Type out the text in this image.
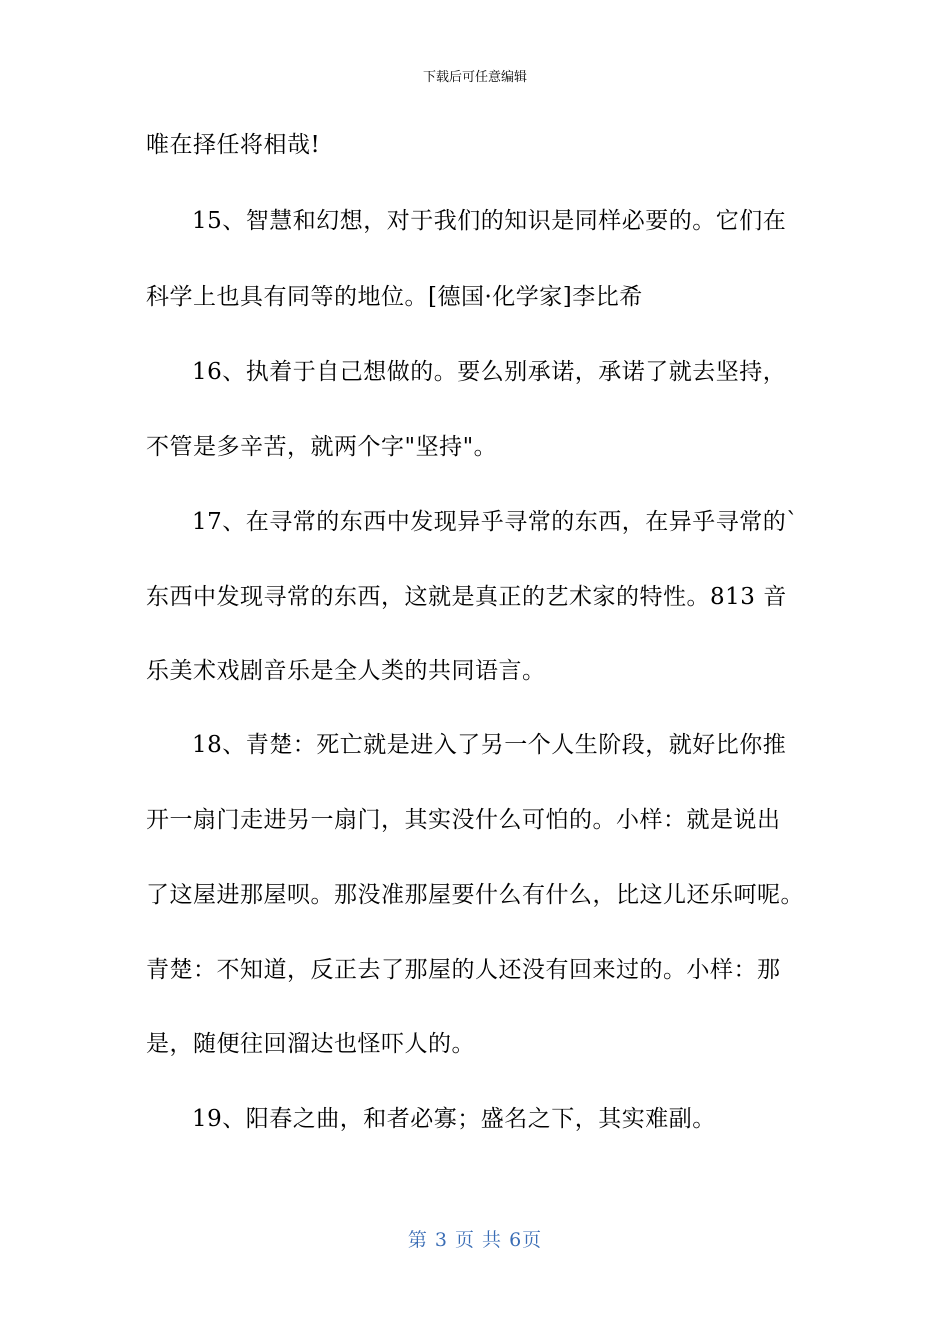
下载后可任意编辑
唯在择任将相哉!
15、智慧和幻想，对于我们的知识是同样必要的。它们在
科学上也具有同等的地位。[德国·化学家]李比希
16、执着于自己想做的。要么别承诺，承诺了就去坚持，
不管是多辛苦，就两个字"坚持"。
17、在寻常的东西中发现异乎寻常的东西，在异乎寻常的`
东西中发现寻常的东西，这就是真正的艺术家的特性。813 音
乐美术戏剧音乐是全人类的共同语言。
18、青楚：死亡就是进入了另一个人生阶段，就好比你推
开一扇门走进另一扇门，其实没什么可怕的。小样：就是说出
了这屋进那屋呗。那没准那屋要什么有什么，比这儿还乐呵呢。
青楚：不知道，反正去了那屋的人还没有回来过的。小样：那
是，随便往回溜达也怪吓人的。
19、阳春之曲，和者必寡；盛名之下，其实难副。
第 3 页 共 6页
